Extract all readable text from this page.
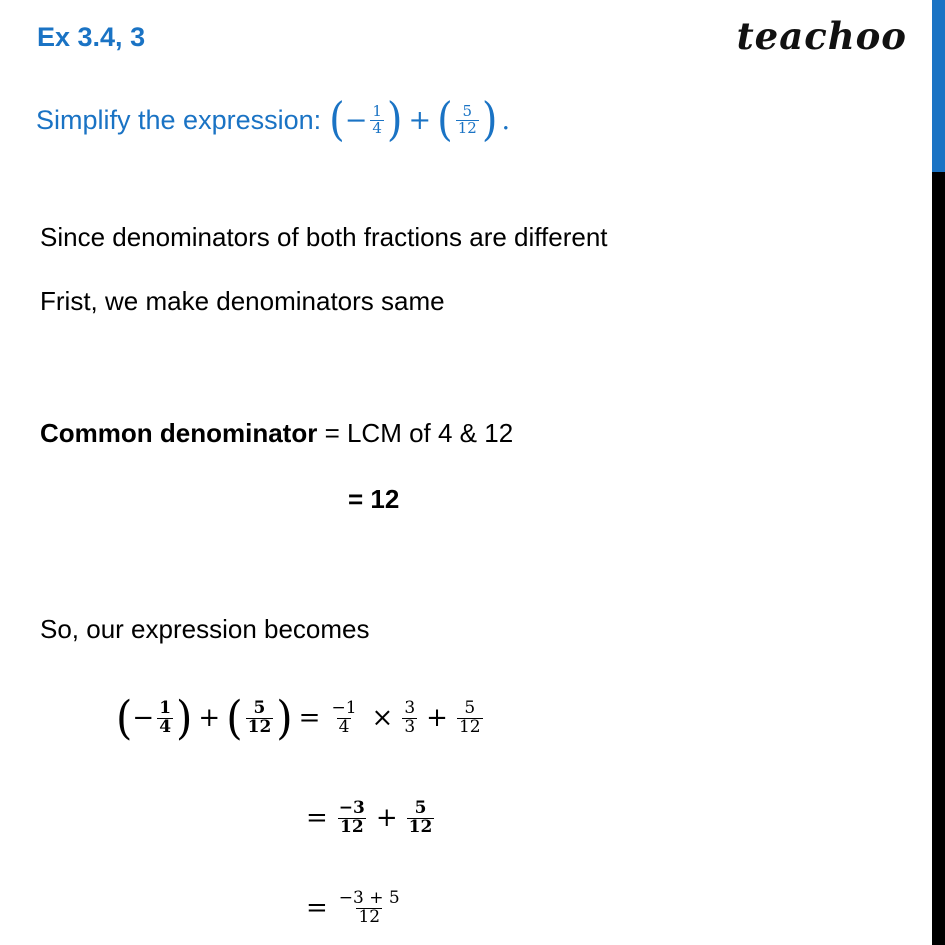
Ex 3.4, 3	teachoo
Simplify the expression: ( − $\frac{1}{4}$ ) + ( $\frac{5}{12}$ ) .
Since denominators of both fractions are different
Frist, we make denominators same
Common denominator = LCM of 4 & 12
= 12
So, our expression becomes
( − $\frac{1}{4}$ ) + ( $\frac{5}{12}$ ) = $\frac{-1}{4} \times \frac{3}{3} + \frac{5}{12}$
= $\frac{-3}{12} + \frac{5}{12}$
= $\frac{-3 + 5}{12}$
